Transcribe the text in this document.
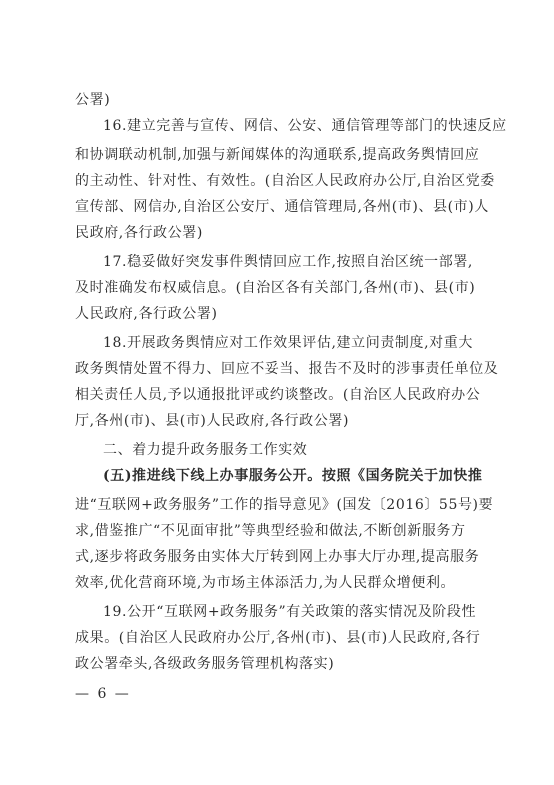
公署)
16.建立完善与宣传、网信、公安、通信管理等部门的快速反应
和协调联动机制,加强与新闻媒体的沟通联系,提高政务舆情回应
的主动性、针对性、有效性。(自治区人民政府办公厅,自治区党委
宣传部、网信办,自治区公安厅、通信管理局,各州(市)、县(市)人
民政府,各行政公署)
17.稳妥做好突发事件舆情回应工作,按照自治区统一部署,
及时准确发布权威信息。(自治区各有关部门,各州(市)、县(市)
人民政府,各行政公署)
18.开展政务舆情应对工作效果评估,建立问责制度,对重大
政务舆情处置不得力、回应不妥当、报告不及时的涉事责任单位及
相关责任人员,予以通报批评或约谈整改。(自治区人民政府办公
厅,各州(市)、县(市)人民政府,各行政公署)
二、着力提升政务服务工作实效
(五)推进线下线上办事服务公开。按照《国务院关于加快推
进“互联网+政务服务”工作的指导意见》(国发〔2016〕55号)要
求,借鉴推广“不见面审批”等典型经验和做法,不断创新服务方
式,逐步将政务服务由实体大厅转到网上办事大厅办理,提高服务
效率,优化营商环境,为市场主体添活力,为人民群众增便利。
19.公开“互联网+政务服务”有关政策的落实情况及阶段性
成果。(自治区人民政府办公厅,各州(市)、县(市)人民政府,各行
政公署牵头,各级政务服务管理机构落实)
— 6 —
